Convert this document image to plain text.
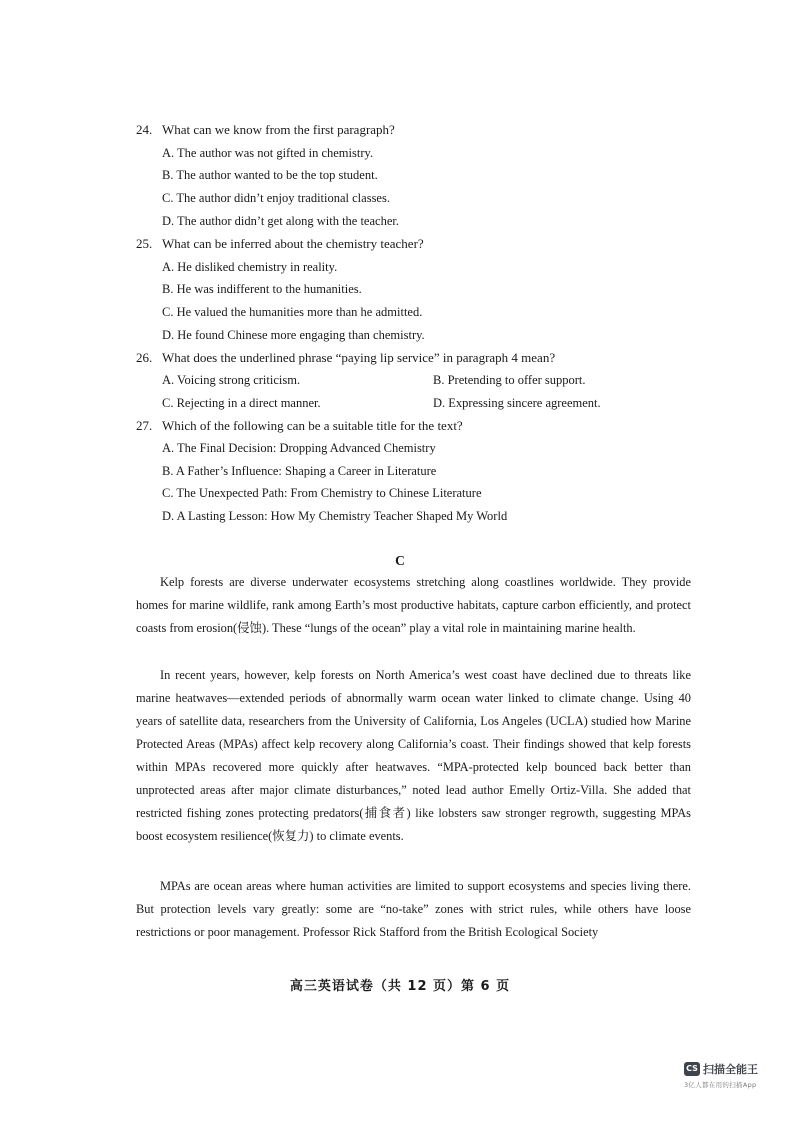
24. What can we know from the first paragraph?
A. The author was not gifted in chemistry.
B. The author wanted to be the top student.
C. The author didn’t enjoy traditional classes.
D. The author didn’t get along with the teacher.
25. What can be inferred about the chemistry teacher?
A. He disliked chemistry in reality.
B. He was indifferent to the humanities.
C. He valued the humanities more than he admitted.
D. He found Chinese more engaging than chemistry.
26. What does the underlined phrase “paying lip service” in paragraph 4 mean?
A. Voicing strong criticism.	B. Pretending to offer support.
C. Rejecting in a direct manner.	D. Expressing sincere agreement.
27. Which of the following can be a suitable title for the text?
A. The Final Decision: Dropping Advanced Chemistry
B. A Father’s Influence: Shaping a Career in Literature
C. The Unexpected Path: From Chemistry to Chinese Literature
D. A Lasting Lesson: How My Chemistry Teacher Shaped My World
C

Kelp forests are diverse underwater ecosystems stretching along coastlines worldwide. They provide homes for marine wildlife, rank among Earth’s most productive habitats, capture carbon efficiently, and protect coasts from erosion(侵蚀). These “lungs of the ocean” play a vital role in maintaining marine health.

In recent years, however, kelp forests on North America’s west coast have declined due to threats like marine heatwaves—extended periods of abnormally warm ocean water linked to climate change. Using 40 years of satellite data, researchers from the University of California, Los Angeles (UCLA) studied how Marine Protected Areas (MPAs) affect kelp recovery along California’s coast. Their findings showed that kelp forests within MPAs recovered more quickly after heatwaves. “MPA-protected kelp bounced back better than unprotected areas after major climate disturbances,” noted lead author Emelly Ortiz-Villa. She added that restricted fishing zones protecting predators(捕食者) like lobsters saw stronger regrowth, suggesting MPAs boost ecosystem resilience(恢复力) to climate events.

MPAs are ocean areas where human activities are limited to support ecosystems and species living there. But protection levels vary greatly: some are “no-take” zones with strict rules, while others have loose restrictions or poor management. Professor Rick Stafford from the British Ecological Society

高三英语试卷（共 12 页）第 6 页
CS 扫描全能王
3亿人都在用的扫描App
